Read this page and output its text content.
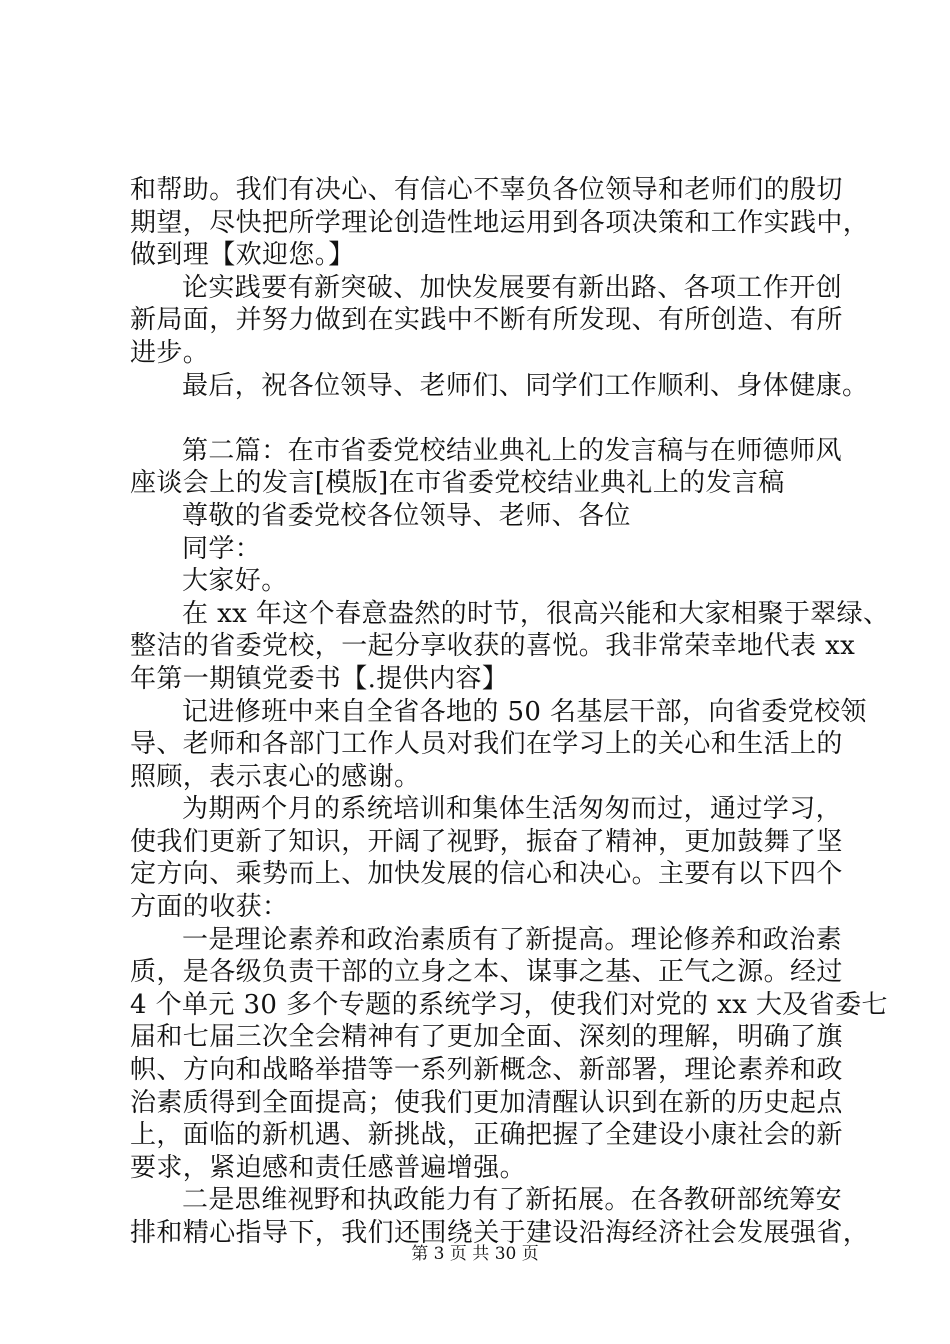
和帮助。我们有决心、有信心不辜负各位领导和老师们的殷切
期望，尽快把所学理论创造性地运用到各项决策和工作实践中，
做到理【欢迎您。】
论实践要有新突破、加快发展要有新出路、各项工作开创
新局面，并努力做到在实践中不断有所发现、有所创造、有所
进步。
最后，祝各位领导、老师们、同学们工作顺利、身体健康。
第二篇：在市省委党校结业典礼上的发言稿与在师德师风
座谈会上的发言[模版]在市省委党校结业典礼上的发言稿
尊敬的省委党校各位领导、老师、各位
同学：
大家好。
在 xx 年这个春意盎然的时节，很高兴能和大家相聚于翠绿、
整洁的省委党校，一起分享收获的喜悦。我非常荣幸地代表 xx
年第一期镇党委书【.提供内容】
记进修班中来自全省各地的 50 名基层干部，向省委党校领
导、老师和各部门工作人员对我们在学习上的关心和生活上的
照顾，表示衷心的感谢。
为期两个月的系统培训和集体生活匆匆而过，通过学习，
使我们更新了知识，开阔了视野，振奋了精神，更加鼓舞了坚
定方向、乘势而上、加快发展的信心和决心。主要有以下四个
方面的收获：
一是理论素养和政治素质有了新提高。理论修养和政治素
质，是各级负责干部的立身之本、谋事之基、正气之源。经过
4 个单元 30 多个专题的系统学习，使我们对党的 xx 大及省委七
届和七届三次全会精神有了更加全面、深刻的理解，明确了旗
帜、方向和战略举措等一系列新概念、新部署，理论素养和政
治素质得到全面提高；使我们更加清醒认识到在新的历史起点
上，面临的新机遇、新挑战，正确把握了全建设小康社会的新
要求，紧迫感和责任感普遍增强。
二是思维视野和执政能力有了新拓展。在各教研部统筹安
排和精心指导下，我们还围绕关于建设沿海经济社会发展强省，
第 3 页 共 30 页
